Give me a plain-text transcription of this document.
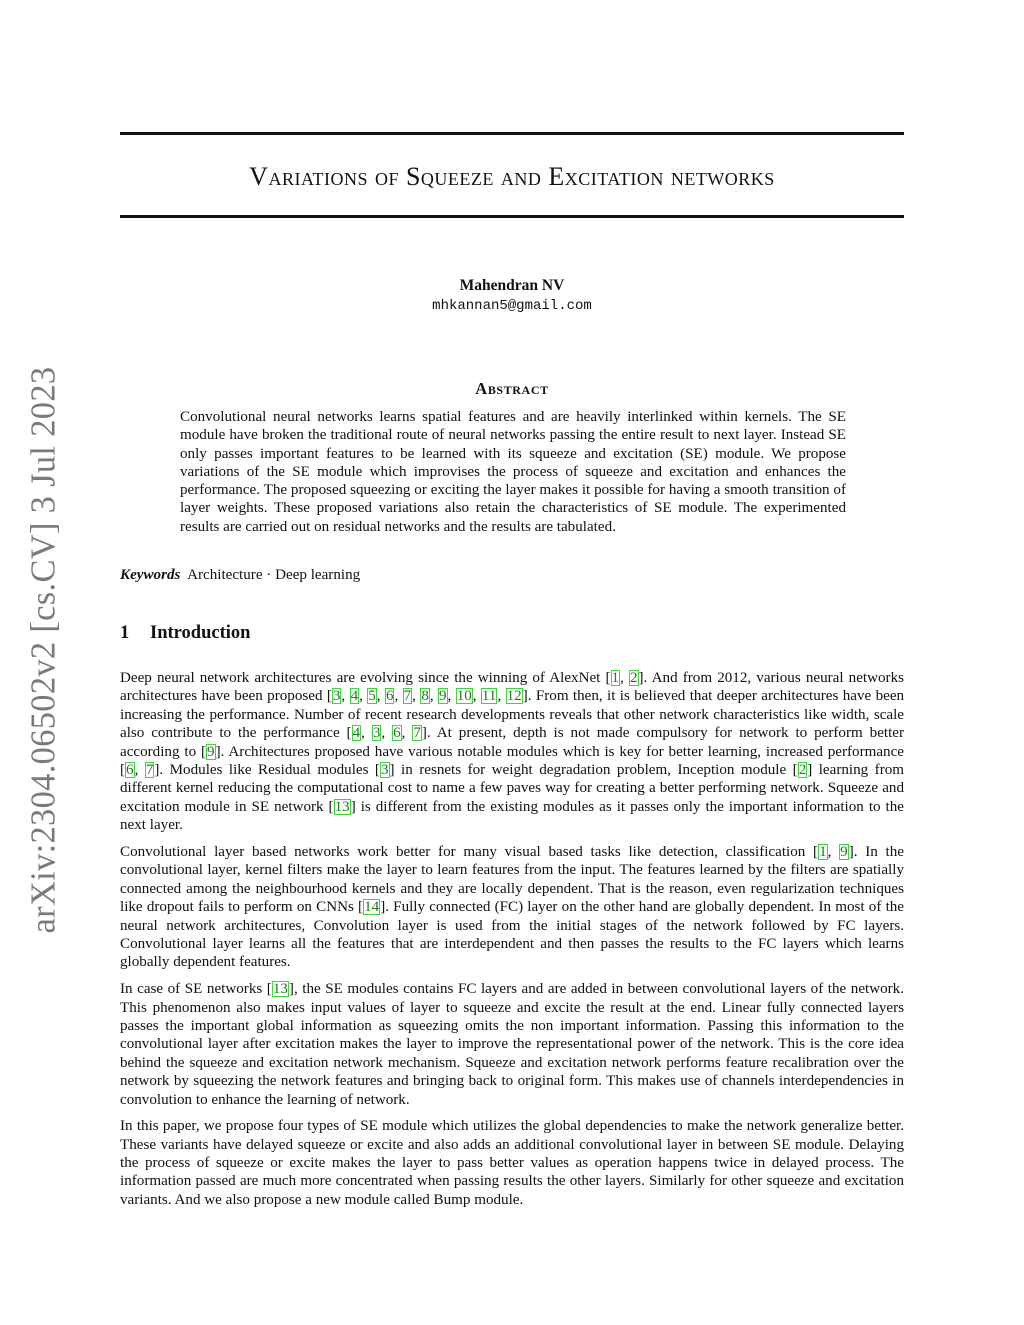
arXiv:2304.06502v2 [cs.CV] 3 Jul 2023
Variations of Squeeze and Excitation networks
Mahendran NV
mhkannan5@gmail.com
Abstract

Convolutional neural networks learns spatial features and are heavily interlinked within kernels. The SE module have broken the traditional route of neural networks passing the entire result to next layer. Instead SE only passes important features to be learned with its squeeze and excitation (SE) module. We propose variations of the SE module which improvises the process of squeeze and excitation and enhances the performance. The proposed squeezing or exciting the layer makes it possible for having a smooth transition of layer weights. These proposed variations also retain the characteristics of SE module. The experimented results are carried out on residual networks and the results are tabulated.

Keywords Architecture · Deep learning
1 Introduction

Deep neural network architectures are evolving since the winning of AlexNet [1, 2]. And from 2012, various neural networks architectures have been proposed [3, 4, 5, 6, 7, 8, 9, 10, 11, 12]. From then, it is believed that deeper architectures have been increasing the performance. Number of recent research developments reveals that other network characteristics like width, scale also contribute to the performance [4, 3, 6, 7]. At present, depth is not made compulsory for network to perform better according to [9]. Architectures proposed have various notable modules which is key for better learning, increased performance [6, 7]. Modules like Residual modules [3] in resnets for weight degradation problem, Inception module [2] learning from different kernel reducing the computational cost to name a few paves way for creating a better performing network. Squeeze and excitation module in SE network [13] is different from the existing modules as it passes only the important information to the next layer.

Convolutional layer based networks work better for many visual based tasks like detection, classification [1, 9]. In the convolutional layer, kernel filters make the layer to learn features from the input. The features learned by the filters are spatially connected among the neighbourhood kernels and they are locally dependent. That is the reason, even regularization techniques like dropout fails to perform on CNNs [14]. Fully connected (FC) layer on the other hand are globally dependent. In most of the neural network architectures, Convolution layer is used from the initial stages of the network followed by FC layers. Convolutional layer learns all the features that are interdependent and then passes the results to the FC layers which learns globally dependent features.

In case of SE networks [13], the SE modules contains FC layers and are added in between convolutional layers of the network. This phenomenon also makes input values of layer to squeeze and excite the result at the end. Linear fully connected layers passes the important global information as squeezing omits the non important information. Passing this information to the convolutional layer after excitation makes the layer to improve the representational power of the network. This is the core idea behind the squeeze and excitation network mechanism. Squeeze and excitation network performs feature recalibration over the network by squeezing the network features and bringing back to original form. This makes use of channels interdependencies in convolution to enhance the learning of network.

In this paper, we propose four types of SE module which utilizes the global dependencies to make the network generalize better. These variants have delayed squeeze or excite and also adds an additional convolutional layer in between SE module. Delaying the process of squeeze or excite makes the layer to pass better values as operation happens twice in delayed process. The information passed are much more concentrated when passing results the other layers. Similarly for other squeeze and excitation variants. And we also propose a new module called Bump module.
